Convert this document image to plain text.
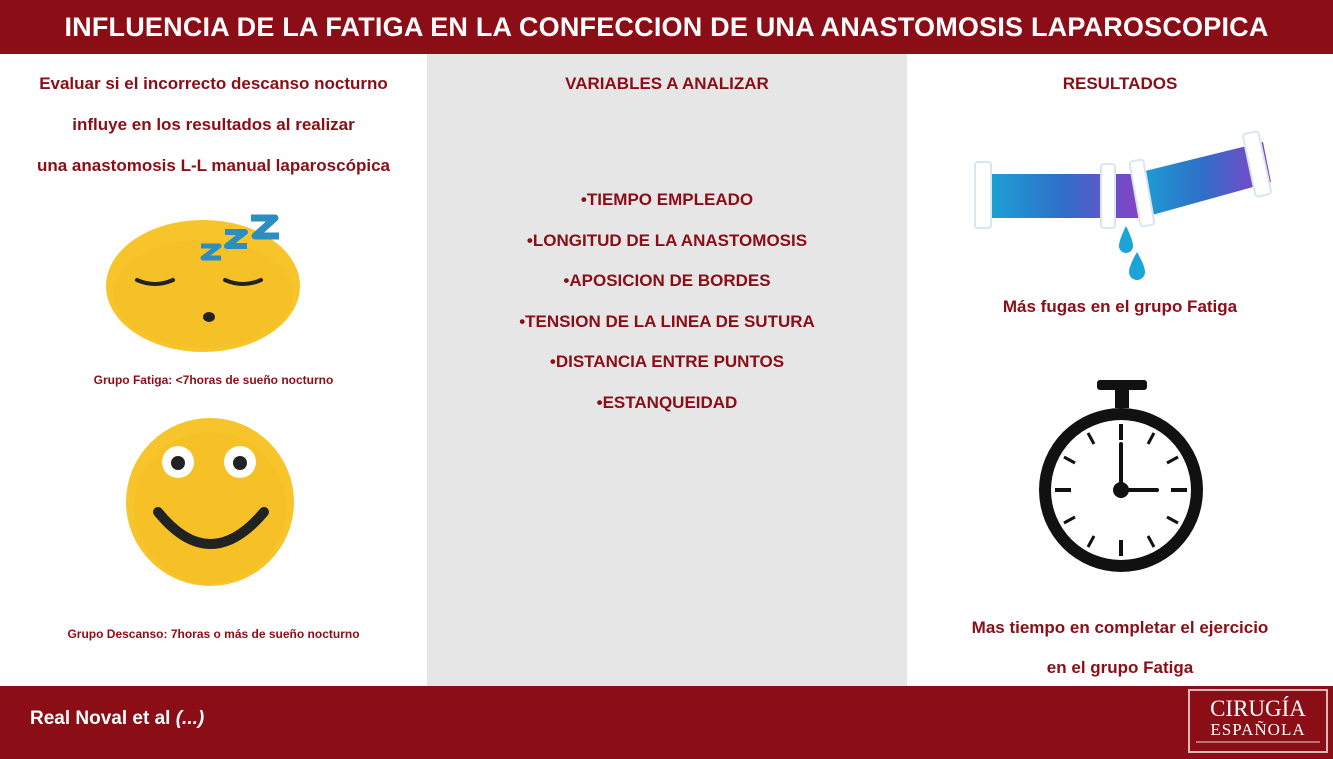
INFLUENCIA DE LA FATIGA EN LA CONFECCION DE UNA ANASTOMOSIS LAPAROSCOPICA
Evaluar si el incorrecto descanso nocturno
influye en los resultados al realizar
una anastomosis L-L manual laparoscópica
Grupo Fatiga: <7horas de sueño nocturno
Grupo Descanso: 7horas o más de sueño nocturno
VARIABLES A ANALIZAR
•TIEMPO EMPLEADO
•LONGITUD DE LA ANASTOMOSIS
•APOSICION DE BORDES
•TENSION DE LA LINEA DE SUTURA
•DISTANCIA ENTRE PUNTOS
•ESTANQUEIDAD
RESULTADOS
Más fugas en el grupo Fatiga
Mas tiempo en completar el ejercicio
en el grupo Fatiga
Real Noval et al (...)	CIRUGÍA
ESPAÑOLA
